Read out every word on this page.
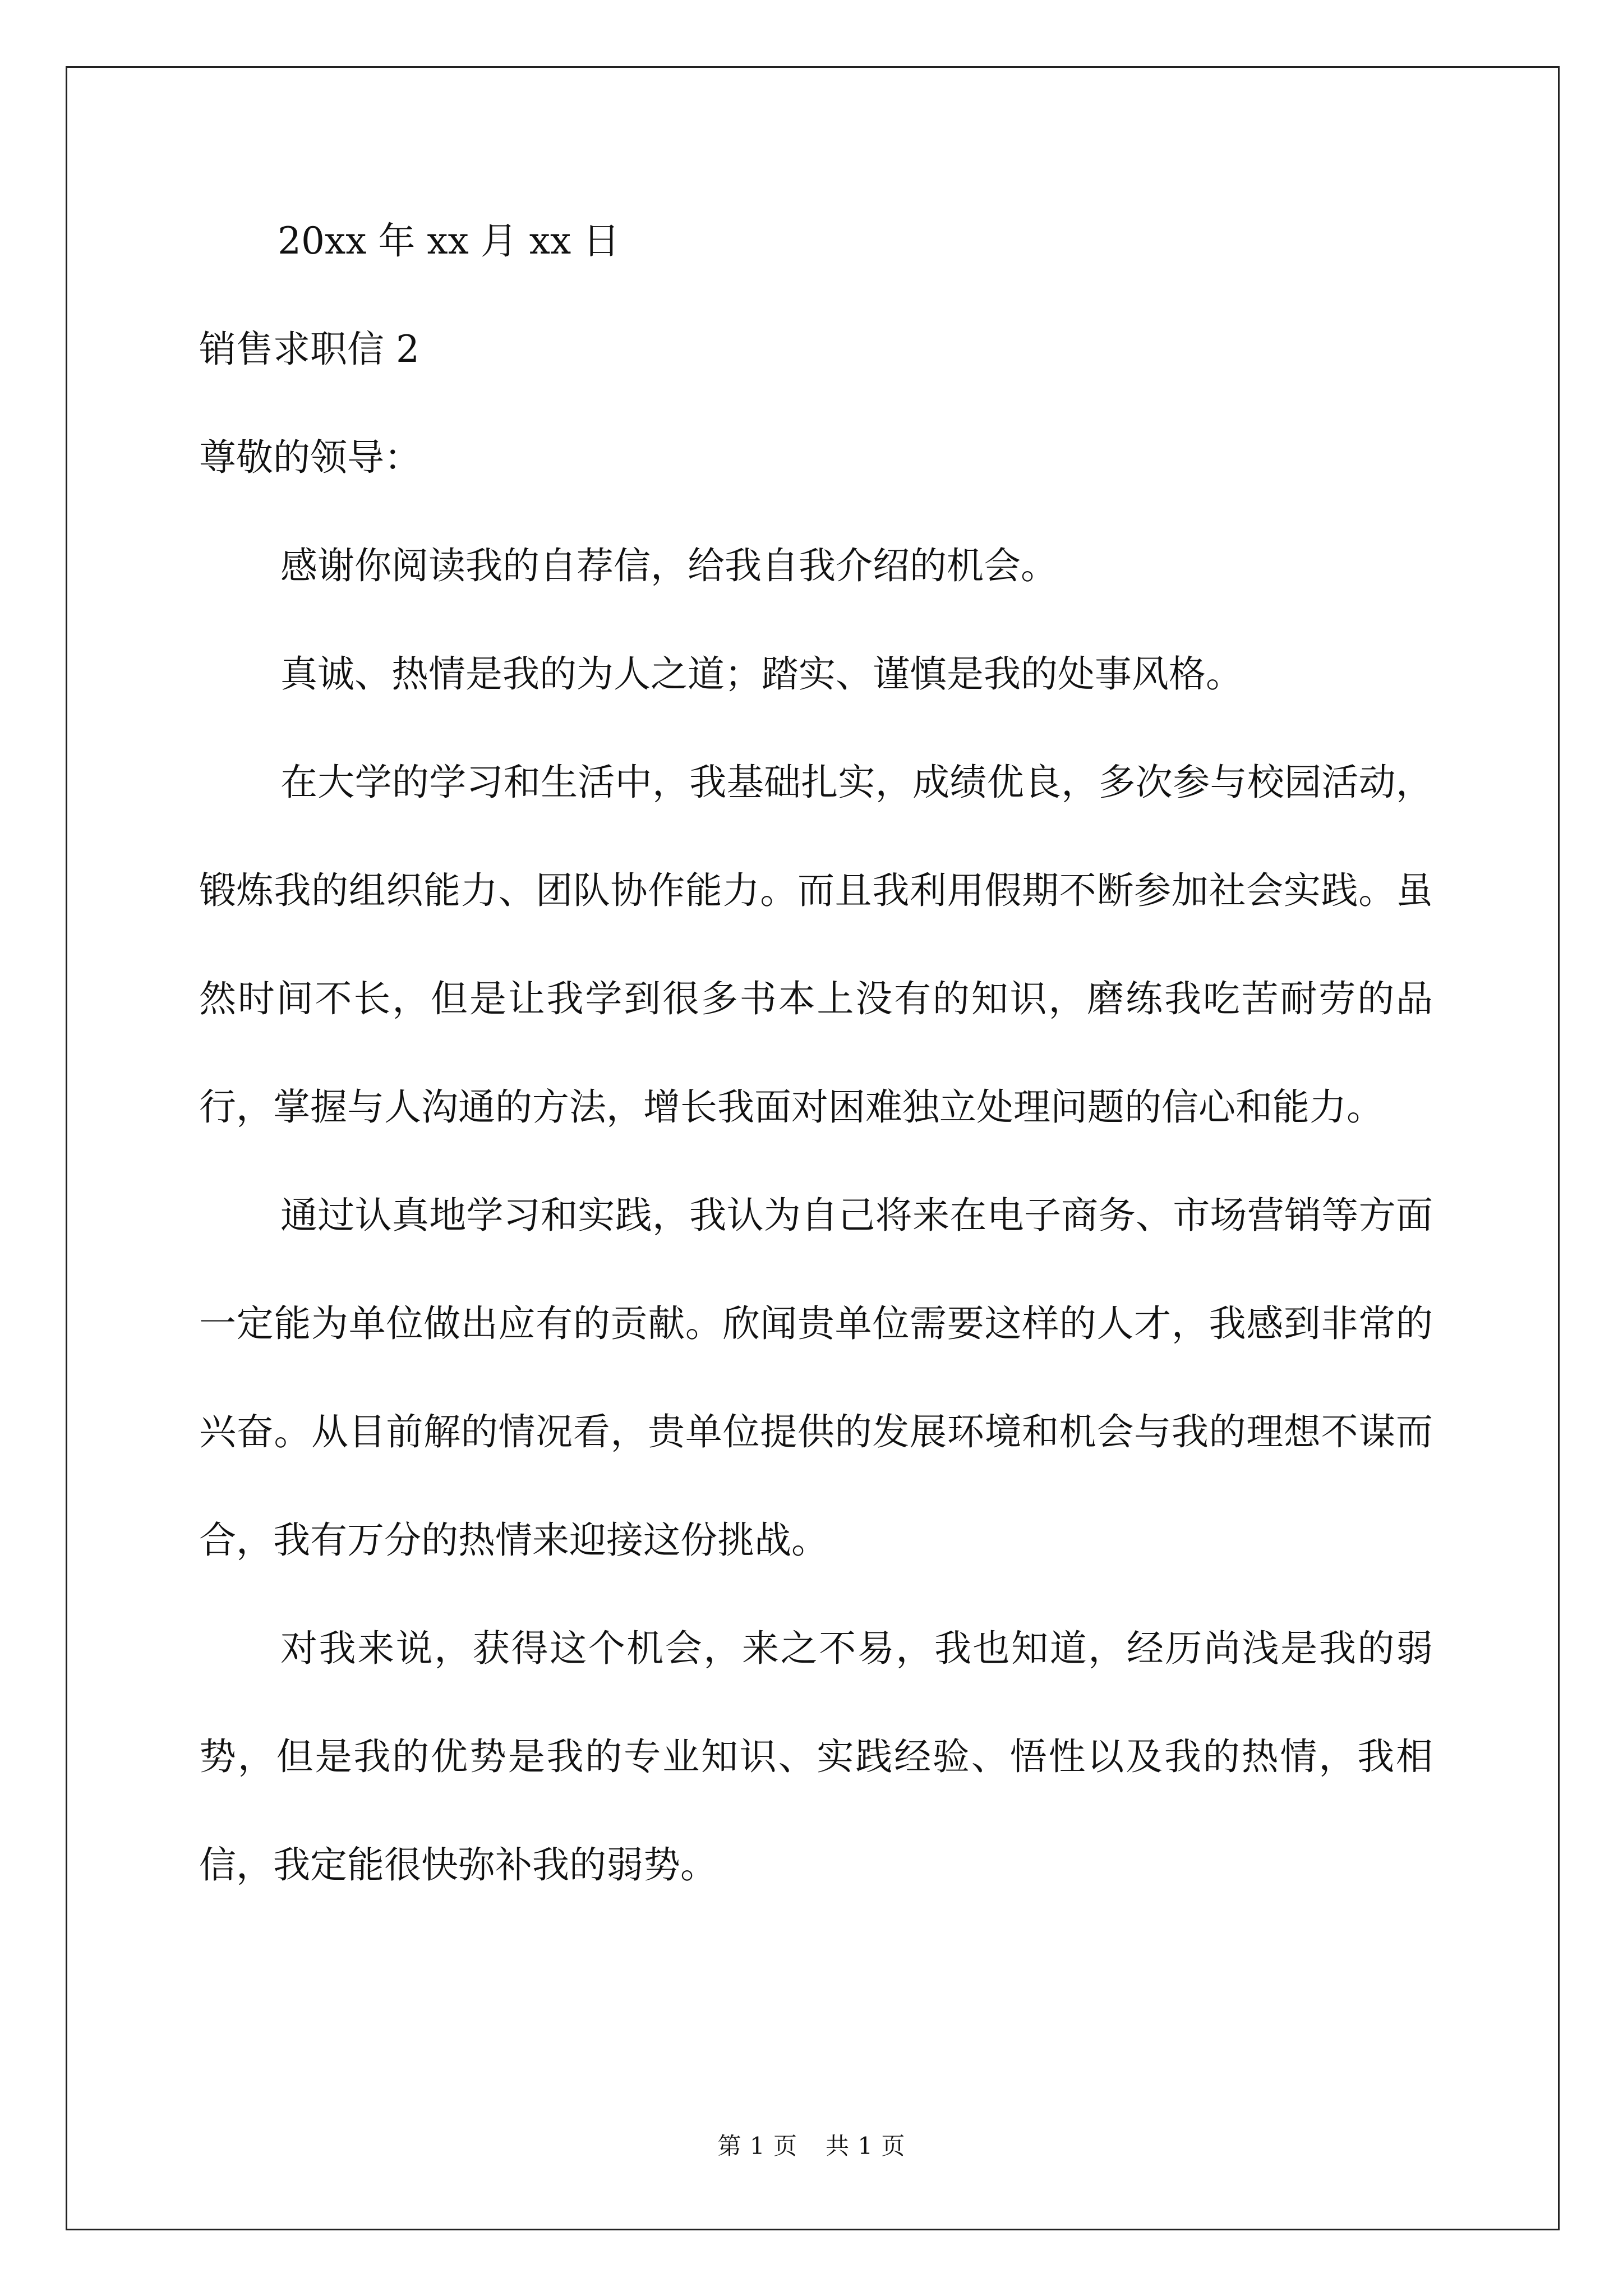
20xx 年 xx 月 xx 日
销售求职信 2
尊敬的领导：

感谢你阅读我的自荐信，给我自我介绍的机会。

真诚、热情是我的为人之道；踏实、谨慎是我的处事风格。

在大学的学习和生活中，我基础扎实，成绩优良，多次参与校园活动，锻炼我的组织能力、团队协作能力。而且我利用假期不断参加社会实践。虽然时间不长，但是让我学到很多书本上没有的知识，磨练我吃苦耐劳的品行，掌握与人沟通的方法，增长我面对困难独立处理问题的信心和能力。

通过认真地学习和实践，我认为自己将来在电子商务、市场营销等方面一定能为单位做出应有的贡献。欣闻贵单位需要这样的人才，我感到非常的兴奋。从目前解的情况看，贵单位提供的发展环境和机会与我的理想不谋而合，我有万分的热情来迎接这份挑战。

对我来说，获得这个机会，来之不易，我也知道，经历尚浅是我的弱势，但是我的优势是我的专业知识、实践经验、悟性以及我的热情，我相信，我定能很快弥补我的弱势。

第 1 页 共 1 页
